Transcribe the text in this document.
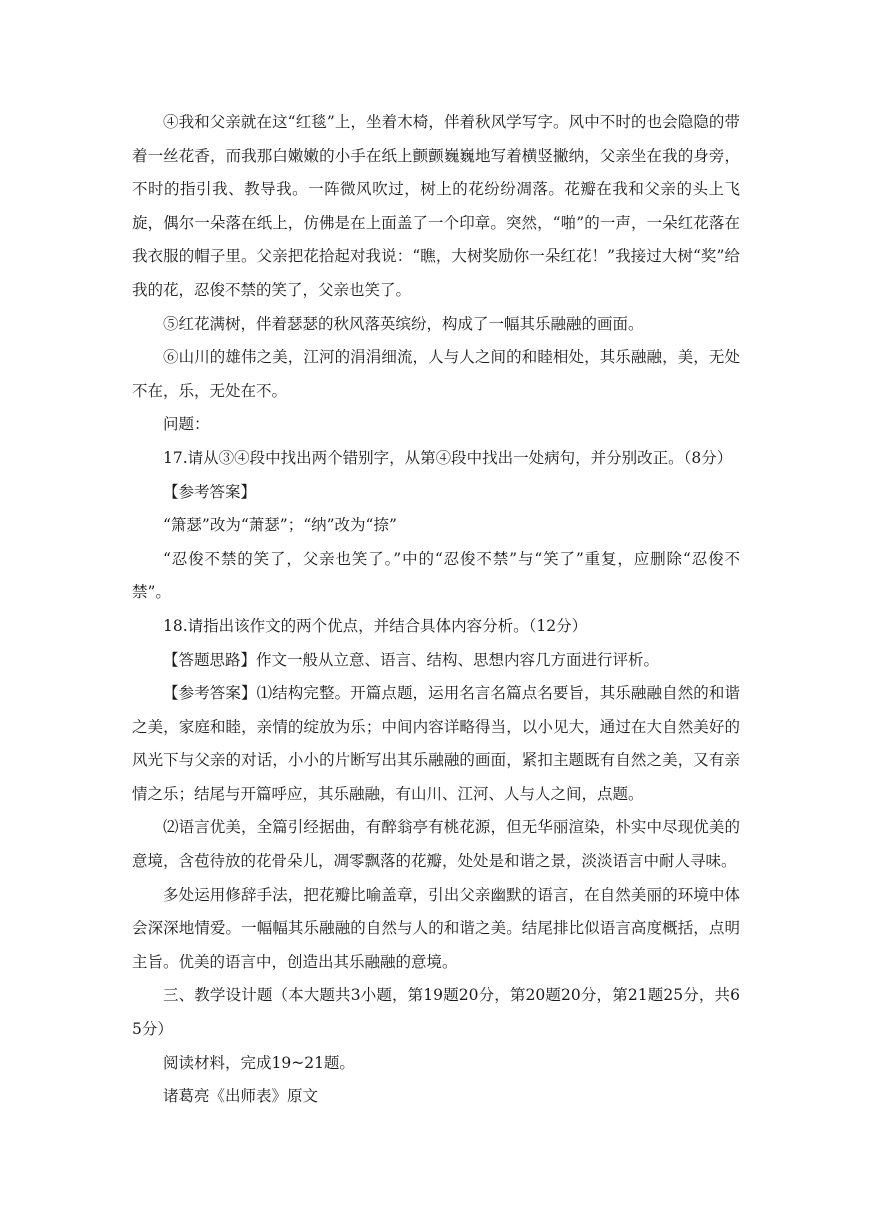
④我和父亲就在这“红毯”上，坐着木椅，伴着秋风学写字。风中不时的也会隐隐的带着一丝花香，而我那白嫩嫩的小手在纸上颤颤巍巍地写着横竖撇纳，父亲坐在我的身旁，不时的指引我、教导我。一阵微风吹过，树上的花纷纷凋落。花瓣在我和父亲的头上飞旋，偶尔一朵落在纸上，仿佛是在上面盖了一个印章。突然，“啪”的一声，一朵红花落在我衣服的帽子里。父亲把花拾起对我说：“瞧，大树奖励你一朵红花！”我接过大树“奖”给我的花，忍俊不禁的笑了，父亲也笑了。

⑤红花满树，伴着瑟瑟的秋风落英缤纷，构成了一幅其乐融融的画面。

⑥山川的雄伟之美，江河的涓涓细流，人与人之间的和睦相处，其乐融融，美，无处不在，乐，无处在不。

问题：

17.请从③④段中找出两个错别字，从第④段中找出一处病句，并分别改正。（8分）

【参考答案】

“箫瑟”改为“萧瑟”；“纳”改为“捺”

“忍俊不禁的笑了，父亲也笑了。”中的“忍俊不禁”与“笑了”重复，应删除“忍俊不禁”。

18.请指出该作文的两个优点，并结合具体内容分析。（12分）

【答题思路】作文一般从立意、语言、结构、思想内容几方面进行评析。

【参考答案】⑴结构完整。开篇点题，运用名言名篇点名要旨，其乐融融自然的和谐之美，家庭和睦，亲情的绽放为乐；中间内容详略得当，以小见大，通过在大自然美好的风光下与父亲的对话，小小的片断写出其乐融融的画面，紧扣主题既有自然之美，又有亲情之乐；结尾与开篇呼应，其乐融融，有山川、江河、人与人之间，点题。

⑵语言优美，全篇引经据曲，有醉翁亭有桃花源，但无华丽渲染，朴实中尽现优美的意境，含苞待放的花骨朵儿，凋零飘落的花瓣，处处是和谐之景，淡淡语言中耐人寻味。

多处运用修辞手法，把花瓣比喻盖章，引出父亲幽默的语言，在自然美丽的环境中体会深深地情爱。一幅幅其乐融融的自然与人的和谐之美。结尾排比似语言高度概括，点明主旨。优美的语言中，创造出其乐融融的意境。

三、教学设计题（本大题共3小题，第19题20分，第20题20分，第21题25分，共65分）

阅读材料，完成19~21题。

诸葛亮《出师表》原文
